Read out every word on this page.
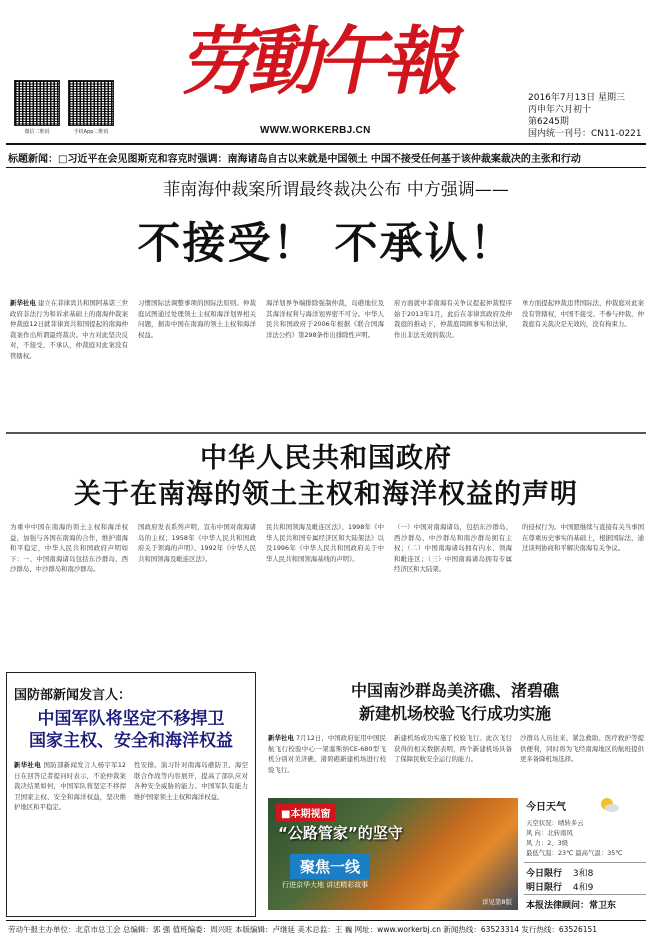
微信二维码	手机App二维码
劳動午報
WWW.WORKERBJ.CN
2016年7月13日 星期三
丙申年六月初十
第6245期
国内统一刊号：CN11-0221
标题新闻：□习近平在会见图斯克和容克时强调：南海诸岛自古以来就是中国领土 中国不接受任何基于该仲裁案裁决的主张和行动
菲南海仲裁案所谓最终裁决公布 中方强调——
不接受！ 不承认！
新华社电 建立在菲律宾共和国阿基诺三世政府非法行为和诉求基础上的南海仲裁案仲裁庭12日就菲律宾共和国提起的南海仲裁案作出所谓最终裁决。中方对此坚决反对，不接受，不承认，仲裁庭对此案没有管辖权。
习惯国际法调整事项的国际法原则。仲裁庭试图通过处理领土主权和海洋划界相关问题，损害中国在南海的领土主权和海洋权益。
海洋划界争端排除强制仲裁，岛礁地位及其海洋权利与海洋划界密不可分。中华人民共和国政府于2006年根据《联合国海洋法公约》第298条作出排除性声明。
府方面就中菲南海有关争议提起仲裁程序始于2013年1月，此后在菲律宾政府及仲裁庭的推动下，仲裁庭罔顾事实和法律，作出非法无效的裁决。
单方面提起仲裁违背国际法，仲裁庭对此案没有管辖权，中国不接受、不参与仲裁，仲裁庭有关裁决是无效的，没有拘束力。
中华人民共和国政府
关于在南海的领土主权和海洋权益的声明
为重申中国在南海的领土主权和海洋权益，加强与各国在南海的合作，维护南海和平稳定，中华人民共和国政府声明如下：一、中国南海诸岛包括东沙群岛、西沙群岛、中沙群岛和南沙群岛。
国政府发表系列声明，宣布中国对南海诸岛的主权；1958年《中华人民共和国政府关于领海的声明》、1992年《中华人民共和国领海及毗连区法》。
民共和国领海及毗连区法》、1998年《中华人民共和国专属经济区和大陆架法》以及1996年《中华人民共和国政府关于中华人民共和国领海基线的声明》。
（一）中国对南海诸岛，包括东沙群岛、西沙群岛、中沙群岛和南沙群岛拥有主权；（二）中国南海诸岛拥有内水、领海和毗连区；（三）中国南海诸岛拥有专属经济区和大陆架。
的侵权行为。中国愿继续与直接有关当事国在尊重历史事实的基础上，根据国际法，通过谈判协商和平解决南海有关争议。
国防部新闻发言人：
中国军队将坚定不移捍卫
国家主权、安全和海洋权益
新华社电 国防部新闻发言人杨宇军12日在回答记者提问时表示，不论仲裁案裁决结果如何，中国军队将坚定不移捍卫国家主权、安全和海洋权益，坚决维护地区和平稳定。
性安排。演习针对南海岛礁防卫、海空联合作战等内容展开，提高了部队应对各种安全威胁的能力。中国军队有能力维护国家领土主权和海洋权益。
中国南沙群岛美济礁、渚碧礁
新建机场校验飞行成功实施
新华社电 7月12日，中国政府征用中国民航飞行校验中心一架塞斯纳CE-680型飞机分别对美济礁、渚碧礁新建机场进行校验飞行。
新建机场成功实施了校验飞行。此次飞行获得的相关数据表明，两个新建机场具备了保障民航安全运行的能力。
沙群岛人员往来、紧急救助、医疗救护等提供便利，同时将为飞经南海地区的航班提供更多备降机场选择。
■本期视窗
“公路管家”的坚守
聚焦一线
行进京华大地 讲述精彩故事
详见第8版
今日天气
天空状况：晴转多云
风 向：北转南风
风 力：2、3级
最低气温：23℃ 最高气温：35℃
今日限行 3和8
明日限行 4和9
本报法律顾问：常卫东
劳动午报主办单位：北京市总工会 总编辑：郭 强 值班编委：周兴旺 本版编辑：卢继延 美术总监：王 巍 网址：www.workerbj.cn 新闻热线：63523314 发行热线：63526151
